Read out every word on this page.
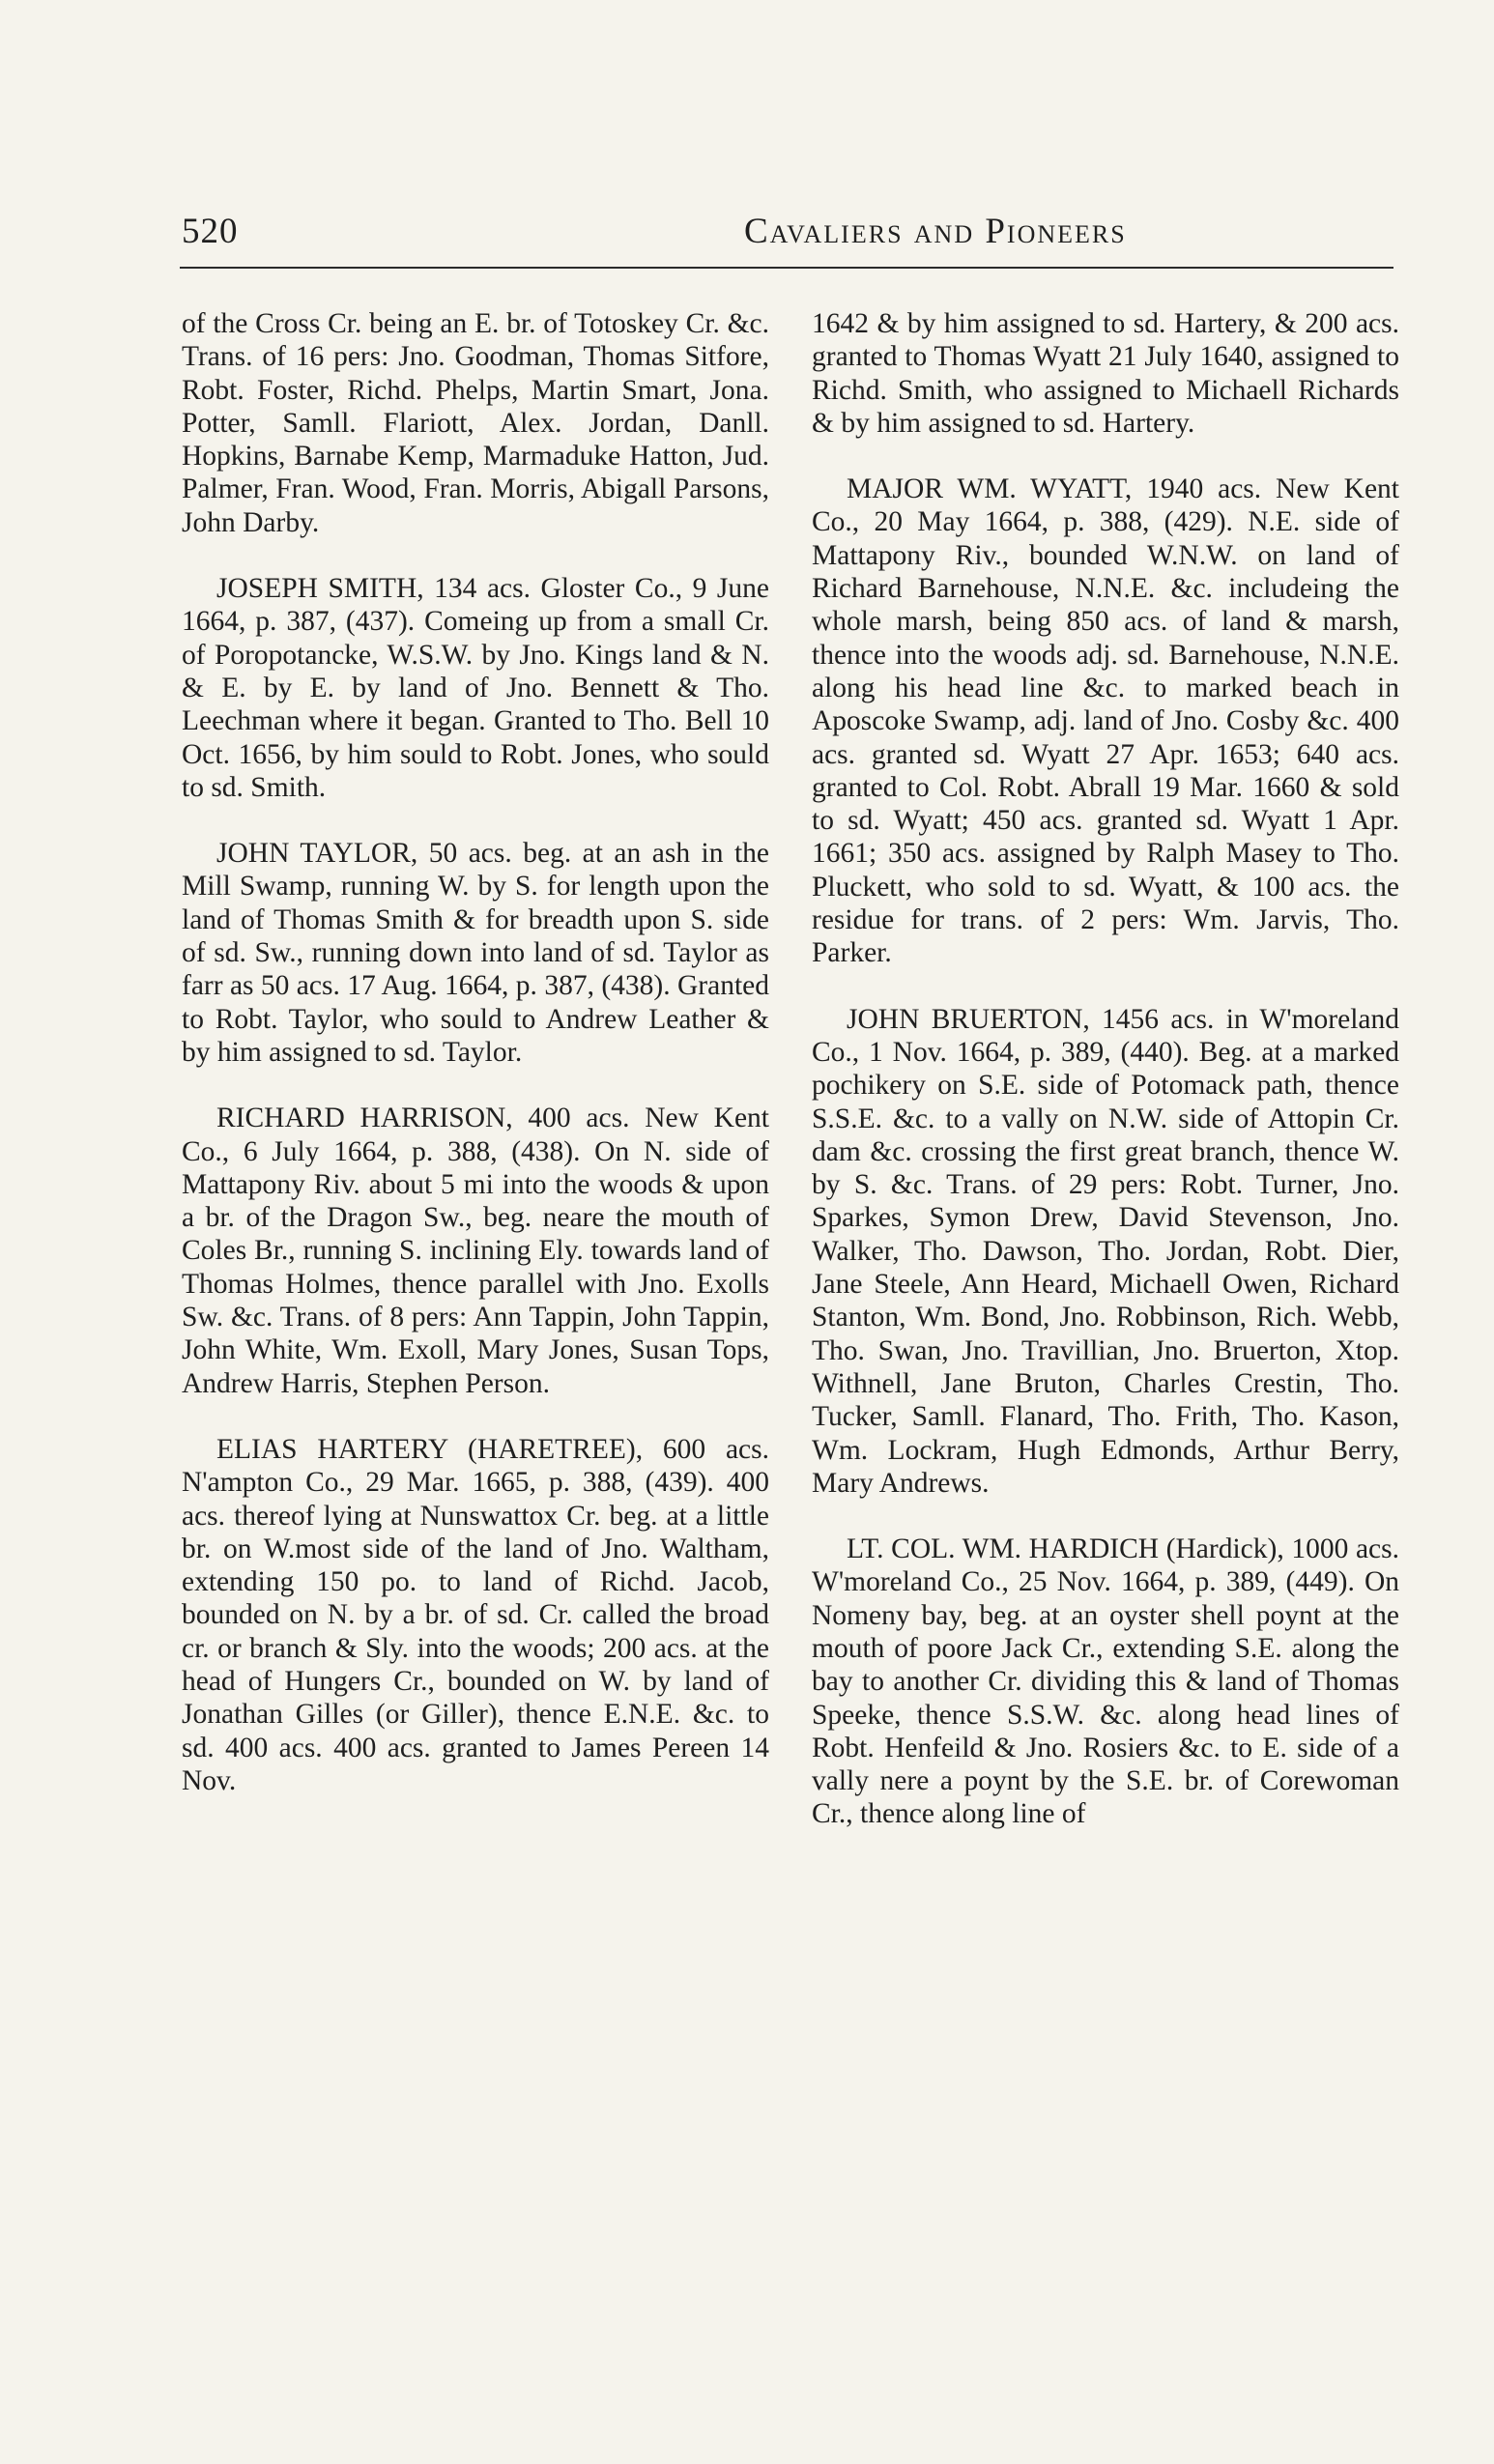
520	Cavaliers and Pioneers

of the Cross Cr. being an E. br. of Totoskey Cr. &c. Trans. of 16 pers: Jno. Goodman, Thomas Sitfore, Robt. Foster, Richd. Phelps, Martin Smart, Jona. Potter, Samll. Flariott, Alex. Jordan, Danll. Hopkins, Barnabe Kemp, Marmaduke Hatton, Jud. Palmer, Fran. Wood, Fran. Morris, Abigall Parsons, John Darby.

JOSEPH SMITH, 134 acs. Gloster Co., 9 June 1664, p. 387, (437). Comeing up from a small Cr. of Poropotancke, W.S.W. by Jno. Kings land & N. & E. by E. by land of Jno. Bennett & Tho. Leechman where it began. Granted to Tho. Bell 10 Oct. 1656, by him sould to Robt. Jones, who sould to sd. Smith.

JOHN TAYLOR, 50 acs. beg. at an ash in the Mill Swamp, running W. by S. for length upon the land of Thomas Smith & for breadth upon S. side of sd. Sw., running down into land of sd. Taylor as farr as 50 acs. 17 Aug. 1664, p. 387, (438). Granted to Robt. Taylor, who sould to Andrew Leather & by him assigned to sd. Taylor.

RICHARD HARRISON, 400 acs. New Kent Co., 6 July 1664, p. 388, (438). On N. side of Mattapony Riv. about 5 mi into the woods & upon a br. of the Dragon Sw., beg. neare the mouth of Coles Br., running S. inclining Ely. towards land of Thomas Holmes, thence parallel with Jno. Exolls Sw. &c. Trans. of 8 pers: Ann Tappin, John Tappin, John White, Wm. Exoll, Mary Jones, Susan Tops, Andrew Harris, Stephen Person.

ELIAS HARTERY (HARETREE), 600 acs. N'ampton Co., 29 Mar. 1665, p. 388, (439). 400 acs. thereof lying at Nunswattox Cr. beg. at a little br. on W.most side of the land of Jno. Waltham, extending 150 po. to land of Richd. Jacob, bounded on N. by a br. of sd. Cr. called the broad cr. or branch & Sly. into the woods; 200 acs. at the head of Hungers Cr., bounded on W. by land of Jonathan Gilles (or Giller), thence E.N.E. &c. to sd. 400 acs. 400 acs. granted to James Pereen 14 Nov.

1642 & by him assigned to sd. Hartery, & 200 acs. granted to Thomas Wyatt 21 July 1640, assigned to Richd. Smith, who assigned to Michaell Richards & by him assigned to sd. Hartery.

MAJOR WM. WYATT, 1940 acs. New Kent Co., 20 May 1664, p. 388, (429). N.E. side of Mattapony Riv., bounded W.N.W. on land of Richard Barnehouse, N.N.E. &c. includeing the whole marsh, being 850 acs. of land & marsh, thence into the woods adj. sd. Barnehouse, N.N.E. along his head line &c. to marked beach in Aposcoke Swamp, adj. land of Jno. Cosby &c. 400 acs. granted sd. Wyatt 27 Apr. 1653; 640 acs. granted to Col. Robt. Abrall 19 Mar. 1660 & sold to sd. Wyatt; 450 acs. granted sd. Wyatt 1 Apr. 1661; 350 acs. assigned by Ralph Masey to Tho. Pluckett, who sold to sd. Wyatt, & 100 acs. the residue for trans. of 2 pers: Wm. Jarvis, Tho. Parker.

JOHN BRUERTON, 1456 acs. in W'moreland Co., 1 Nov. 1664, p. 389, (440). Beg. at a marked pochikery on S.E. side of Potomack path, thence S.S.E. &c. to a vally on N.W. side of Attopin Cr. dam &c. crossing the first great branch, thence W. by S. &c. Trans. of 29 pers: Robt. Turner, Jno. Sparkes, Symon Drew, David Stevenson, Jno. Walker, Tho. Dawson, Tho. Jordan, Robt. Dier, Jane Steele, Ann Heard, Michaell Owen, Richard Stanton, Wm. Bond, Jno. Robbinson, Rich. Webb, Tho. Swan, Jno. Travillian, Jno. Bruerton, Xtop. Withnell, Jane Bruton, Charles Crestin, Tho. Tucker, Samll. Flanard, Tho. Frith, Tho. Kason, Wm. Lockram, Hugh Edmonds, Arthur Berry, Mary Andrews.

LT. COL. WM. HARDICH (Hardick), 1000 acs. W'moreland Co., 25 Nov. 1664, p. 389, (449). On Nomeny bay, beg. at an oyster shell poynt at the mouth of poore Jack Cr., extending S.E. along the bay to another Cr. dividing this & land of Thomas Speeke, thence S.S.W. &c. along head lines of Robt. Henfeild & Jno. Rosiers &c. to E. side of a vally nere a poynt by the S.E. br. of Corewoman Cr., thence along line of
